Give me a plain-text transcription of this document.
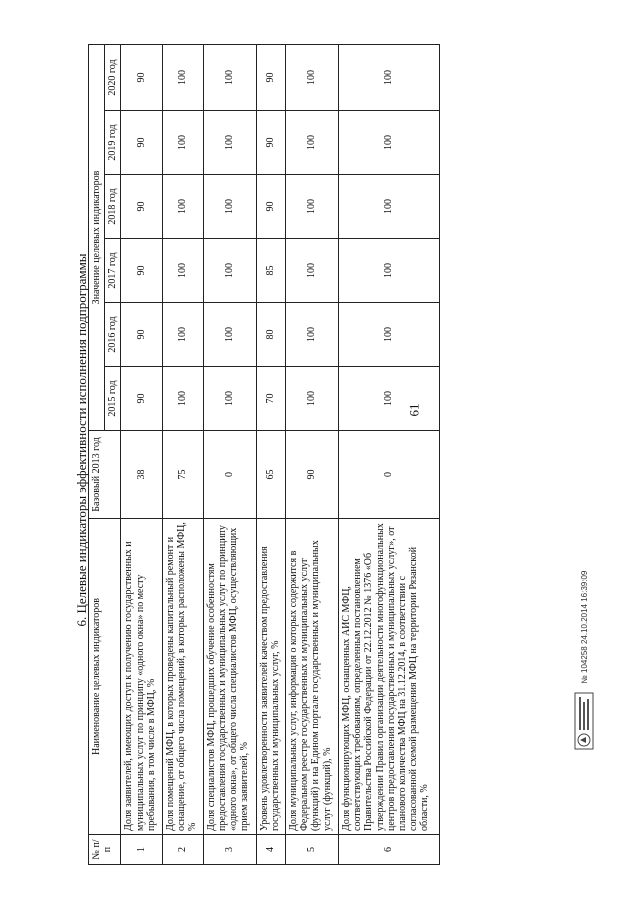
61
6. Целевые индикаторы эффективности исполнения подпрограммы
№ п/п	Наименование целевых индикаторов	Базовый 2013 год	Значение целевых индикаторов					
			2015 год	2016 год	2017 год	2018 год	2019 год	2020 год
1	Доля заявителей, имеющих доступ к получению государственных и муниципальных услуг по принципу «одного окна» по месту пребывания, в том числе в МФЦ, %	38	90	90	90	90	90	90
2	Доля помещений МФЦ, в которых проведены капитальный ремонт и оснащение, от общего числа помещений, в которых расположены МФЦ, %	75	100	100	100	100	100	100
3	Доля специалистов МФЦ, прошедших обучение особенностям предоставления государственных и муниципальных услуг по принципу «одного окна», от общего числа специалистов МФЦ, осуществляющих прием заявителей, %	0	100	100	100	100	100	100
4	Уровень удовлетворенности заявителей качеством предоставления государственных и муниципальных услуг, %	65	70	80	85	90	90	90
5	Доля муниципальных услуг, информация о которых содержится в Федеральном реестре государственных и муниципальных услуг (функций) и на Едином портале государственных и муниципальных услуг (функций), %	90	100	100	100	100	100	100
6	Доля функционирующих МФЦ, оснащенных АИС МФЦ, соответствующих требованиям, определенным постановлением Правительства Российской Федерации от 22.12.2012 № 1376 «Об утверждении Правил организации деятельности многофункциональных центров предоставления государственных и муниципальных услуг», от планового количества МФЦ на 31.12.2014, в соответствии с согласованной схемой размещения МФЦ на территории Рязанской области, %	0	100	100	100	100	100	100
№ 104258 24.10.2014 16:39:09
